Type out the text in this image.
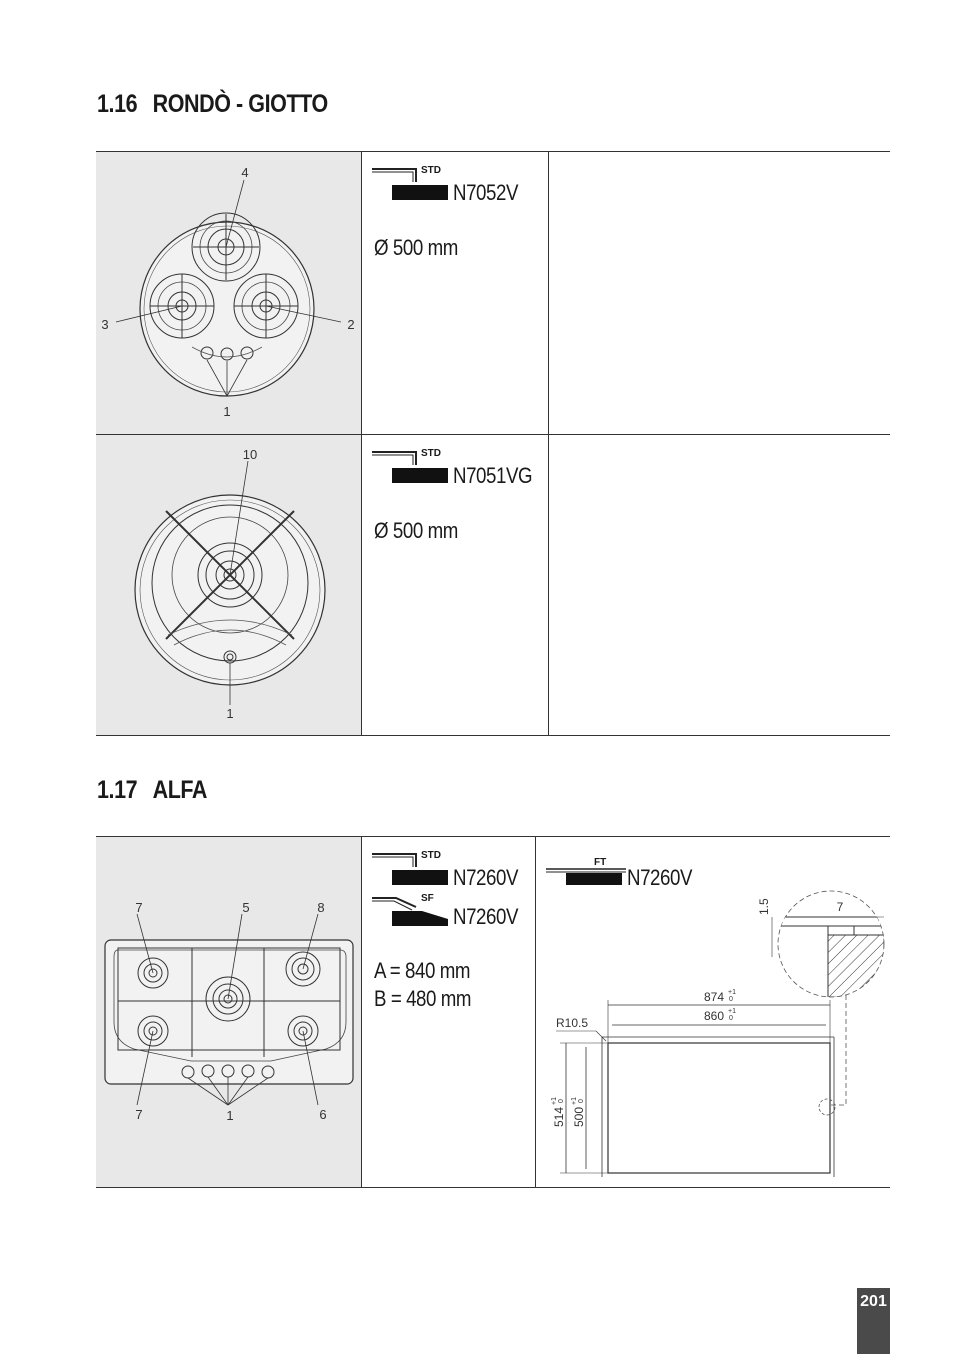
1.16 RONDÒ - GIOTTO
4
3	2
1
STD
N7052V
Ø 500 mm
10
1
STD
N7051VG
Ø 500 mm
1.17 ALFA
7	5	8
7	1	6
STD
N7260V
SF
N7260V
A = 840 mm
B = 480 mm
FT
N7260V
874 +1
0
860 +1
0
R10.5
514
+1 0
500
+1 0
7
1.5
201
